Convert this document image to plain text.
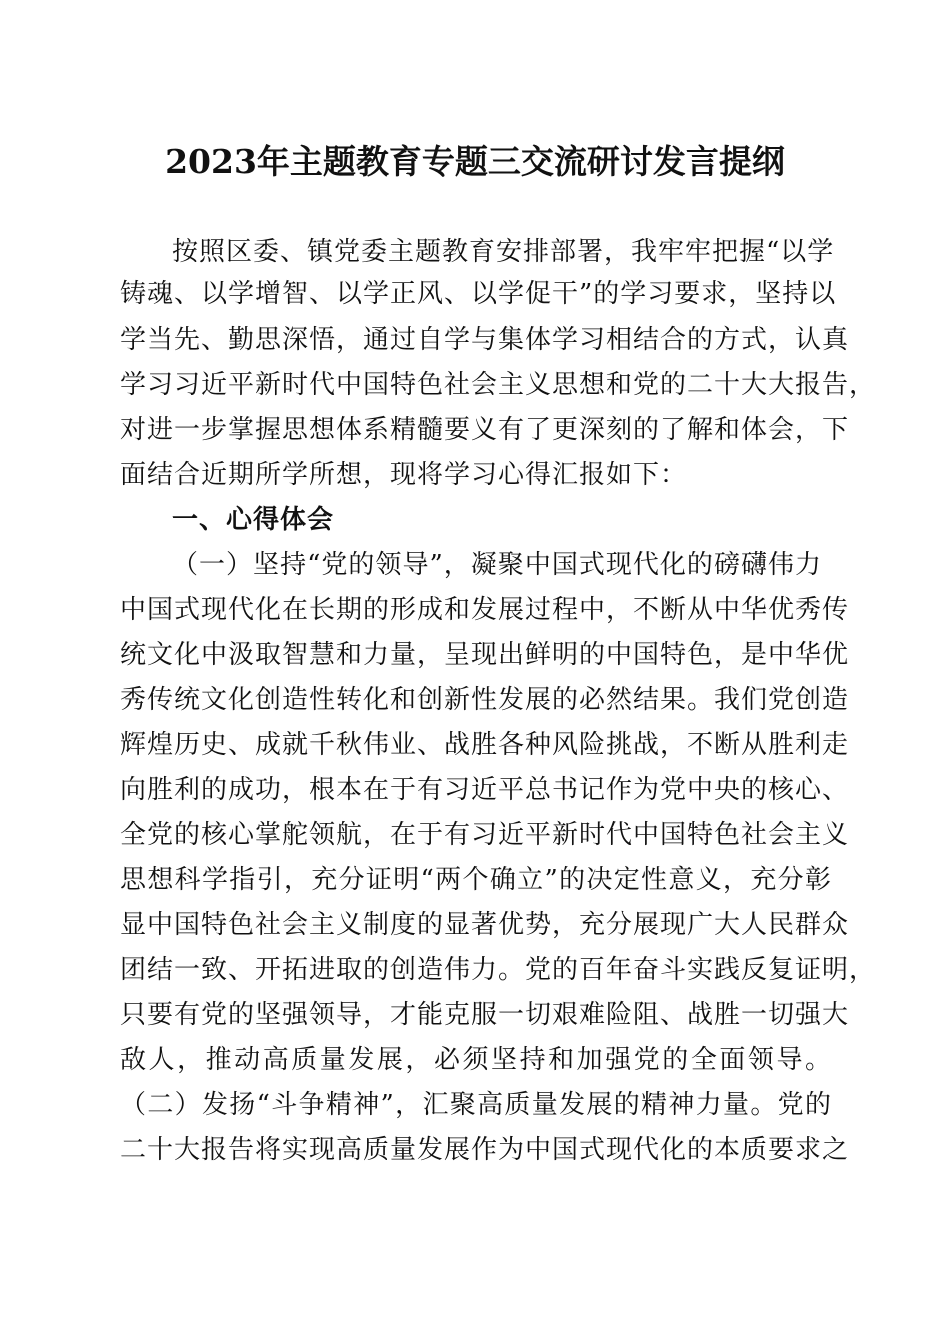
2023年主题教育专题三交流研讨发言提纲
按照区委、镇党委主题教育安排部署，我牢牢把握“以学
铸魂、以学增智、以学正风、以学促干”的学习要求，坚持以
学当先、勤思深悟，通过自学与集体学习相结合的方式，认真
学习习近平新时代中国特色社会主义思想和党的二十大大报告，
对进一步掌握思想体系精髓要义有了更深刻的了解和体会，下
面结合近期所学所想，现将学习心得汇报如下：
一、心得体会
（一）坚持“党的领导”，凝聚中国式现代化的磅礴伟力
中国式现代化在长期的形成和发展过程中，不断从中华优秀传
统文化中汲取智慧和力量，呈现出鲜明的中国特色，是中华优
秀传统文化创造性转化和创新性发展的必然结果。我们党创造
辉煌历史、成就千秋伟业、战胜各种风险挑战，不断从胜利走
向胜利的成功，根本在于有习近平总书记作为党中央的核心、
全党的核心掌舵领航，在于有习近平新时代中国特色社会主义
思想科学指引，充分证明“两个确立”的决定性意义，充分彰
显中国特色社会主义制度的显著优势，充分展现广大人民群众
团结一致、开拓进取的创造伟力。党的百年奋斗实践反复证明，
只要有党的坚强领导，才能克服一切艰难险阻、战胜一切强大
敌人，推动高质量发展，必须坚持和加强党的全面领导。
（二）发扬“斗争精神”，汇聚高质量发展的精神力量。党的
二十大报告将实现高质量发展作为中国式现代化的本质要求之
